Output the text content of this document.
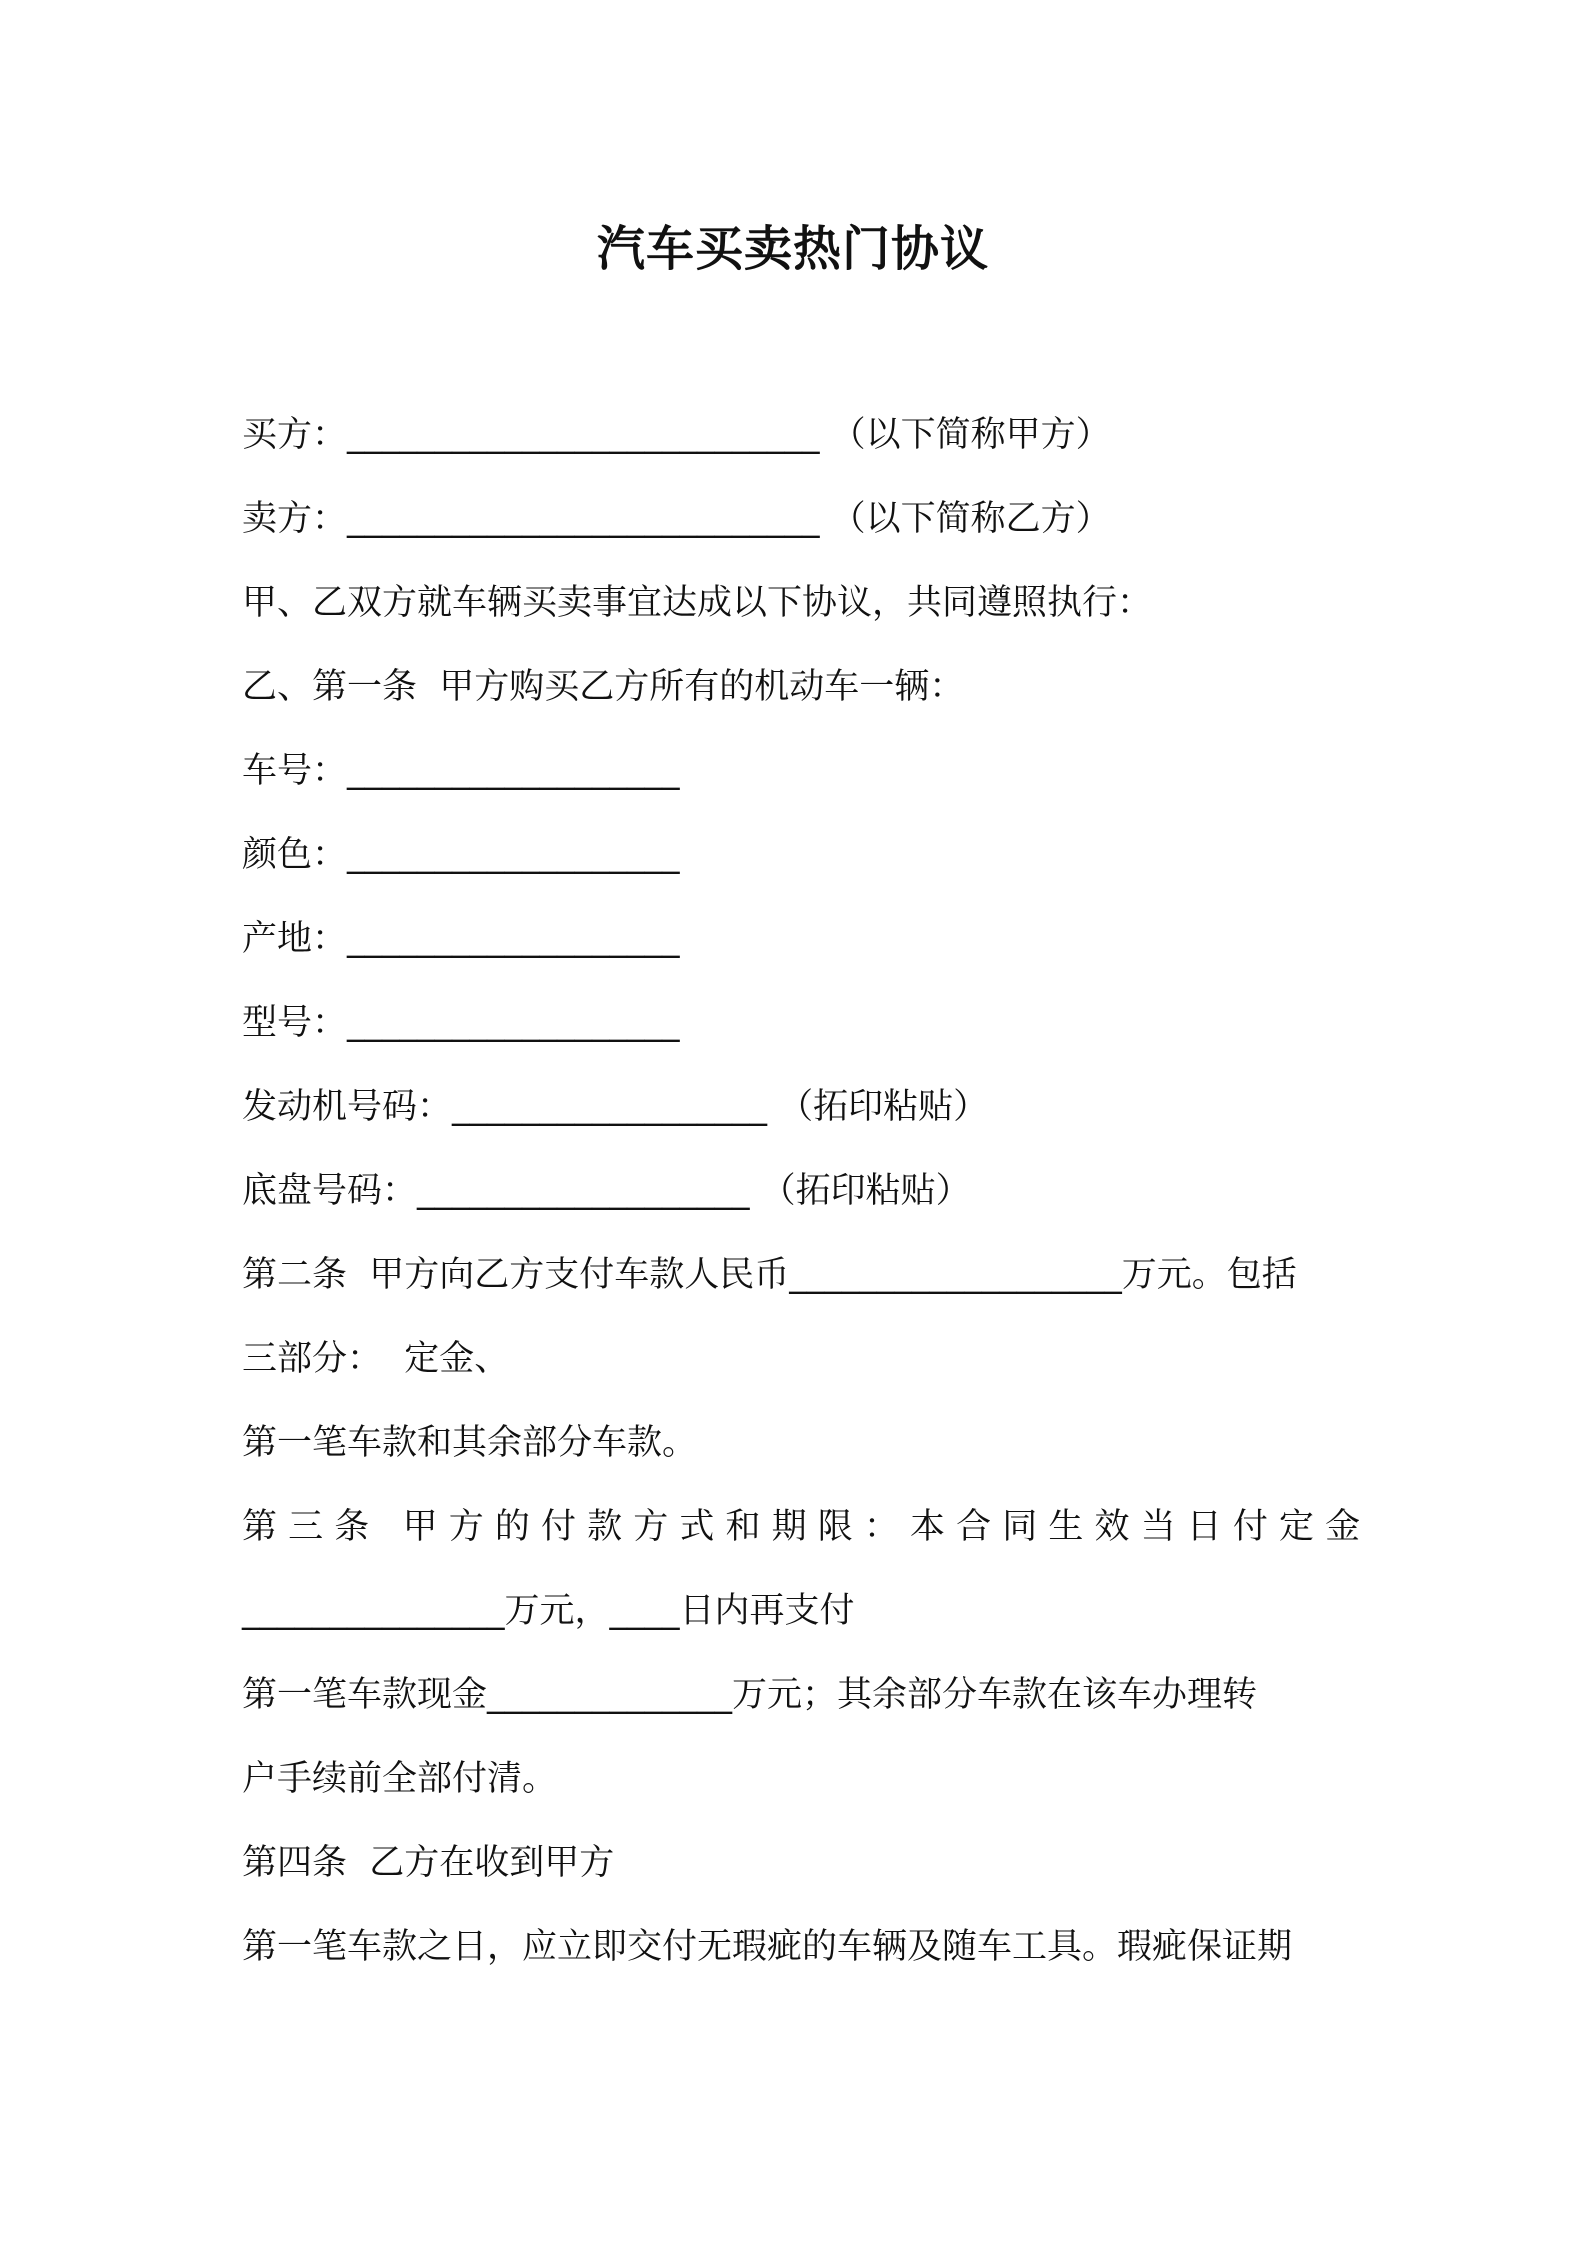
汽车买卖热门协议

买方：___________________________ （以下简称甲方）

卖方：___________________________ （以下简称乙方）

甲、乙双方就车辆买卖事宜达成以下协议，共同遵照执行：

乙、第一条  甲方购买乙方所有的机动车一辆：

车号：___________________

颜色：___________________

产地：___________________

型号：___________________

发动机号码：__________________ （拓印粘贴）

底盘号码：___________________ （拓印粘贴）

第二条  甲方向乙方支付车款人民币___________________万元。包括

三部分：  定金、

第一笔车款和其余部分车款。

第 三 条   甲 方 的 付 款 方 式 和 期 限 ： 本 合 同 生 效 当 日 付 定 金

_______________万元，____日内再支付

第一笔车款现金______________万元；其余部分车款在该车办理转

户手续前全部付清。

第四条  乙方在收到甲方

第一笔车款之日，应立即交付无瑕疵的车辆及随车工具。瑕疵保证期
